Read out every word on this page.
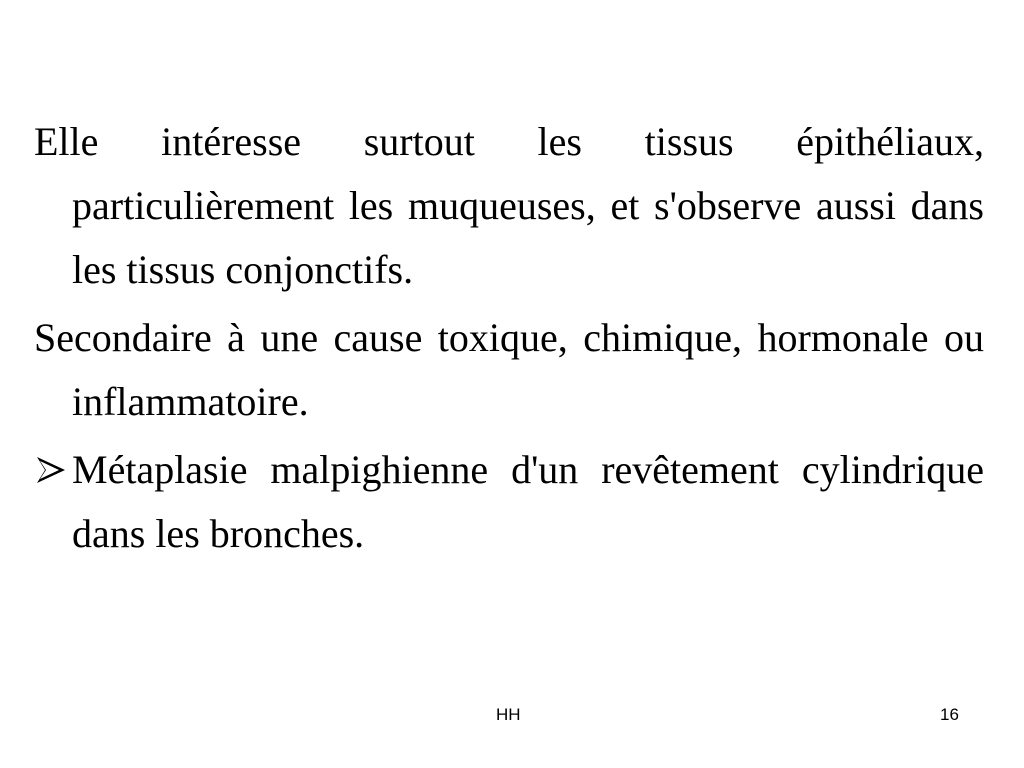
Elle intéresse surtout les tissus épithéliaux, particulièrement les muqueuses, et s'observe aussi dans les tissus conjonctifs.

Secondaire à une cause toxique, chimique, hormonale ou inflammatoire.

Métaplasie malpighienne d'un revêtement cylindrique dans les bronches.

HH	16
